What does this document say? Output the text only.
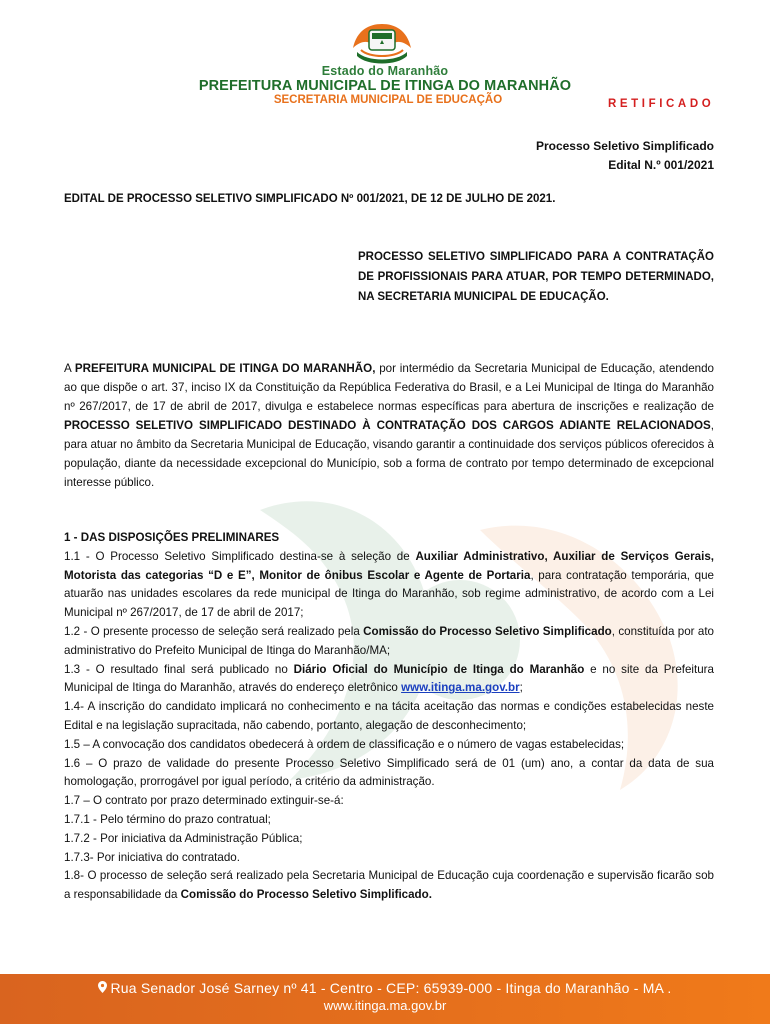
Estado do Maranhão
PREFEITURA MUNICIPAL DE ITINGA DO MARANHÃO
SECRETARIA MUNICIPAL DE EDUCAÇÃO	RETIFICADO
Processo Seletivo Simplificado
Edital N.º 001/2021
EDITAL DE PROCESSO SELETIVO SIMPLIFICADO Nº 001/2021, DE 12 DE JULHO DE 2021.
PROCESSO SELETIVO SIMPLIFICADO PARA A CONTRATAÇÃO DE PROFISSIONAIS PARA ATUAR, POR TEMPO DETERMINADO, NA SECRETARIA MUNICIPAL DE EDUCAÇÃO.
A PREFEITURA MUNICIPAL DE ITINGA DO MARANHÃO, por intermédio da Secretaria Municipal de Educação, atendendo ao que dispõe o art. 37, inciso IX da Constituição da República Federativa do Brasil, e a Lei Municipal de Itinga do Maranhão nº 267/2017, de 17 de abril de 2017, divulga e estabelece normas específicas para abertura de inscrições e realização de PROCESSO SELETIVO SIMPLIFICADO DESTINADO À CONTRATAÇÃO DOS CARGOS ADIANTE RELACIONADOS, para atuar no âmbito da Secretaria Municipal de Educação, visando garantir a continuidade dos serviços públicos oferecidos à população, diante da necessidade excepcional do Município, sob a forma de contrato por tempo determinado de excepcional interesse público.

1 - DAS DISPOSIÇÕES PRELIMINARES

1.1 - O Processo Seletivo Simplificado destina-se à seleção de Auxiliar Administrativo, Auxiliar de Serviços Gerais, Motorista das categorias “D e E”, Monitor de ônibus Escolar e Agente de Portaria, para contratação temporária, que atuarão nas unidades escolares da rede municipal de Itinga do Maranhão, sob regime administrativo, de acordo com a Lei Municipal nº 267/2017, de 17 de abril de 2017;

1.2 - O presente processo de seleção será realizado pela Comissão do Processo Seletivo Simplificado, constituída por ato administrativo do Prefeito Municipal de Itinga do Maranhão/MA;

1.3 - O resultado final será publicado no Diário Oficial do Município de Itinga do Maranhão e no site da Prefeitura Municipal de Itinga do Maranhão, através do endereço eletrônico www.itinga.ma.gov.br;

1.4- A inscrição do candidato implicará no conhecimento e na tácita aceitação das normas e condições estabelecidas neste Edital e na legislação supracitada, não cabendo, portanto, alegação de desconhecimento;

1.5 – A convocação dos candidatos obedecerá à ordem de classificação e o número de vagas estabelecidas;

1.6 – O prazo de validade do presente Processo Seletivo Simplificado será de 01 (um) ano, a contar da data de sua homologação, prorrogável por igual período, a critério da administração.

1.7 – O contrato por prazo determinado extinguir-se-á:

1.7.1 - Pelo término do prazo contratual;

1.7.2 - Por iniciativa da Administração Pública;

1.7.3- Por iniciativa do contratado.

1.8- O processo de seleção será realizado pela Secretaria Municipal de Educação cuja coordenação e supervisão ficarão sob a responsabilidade da Comissão do Processo Seletivo Simplificado.

Rua Senador José Sarney nº 41 - Centro - CEP: 65939-000 - Itinga do Maranhão - MA .
www.itinga.ma.gov.br
